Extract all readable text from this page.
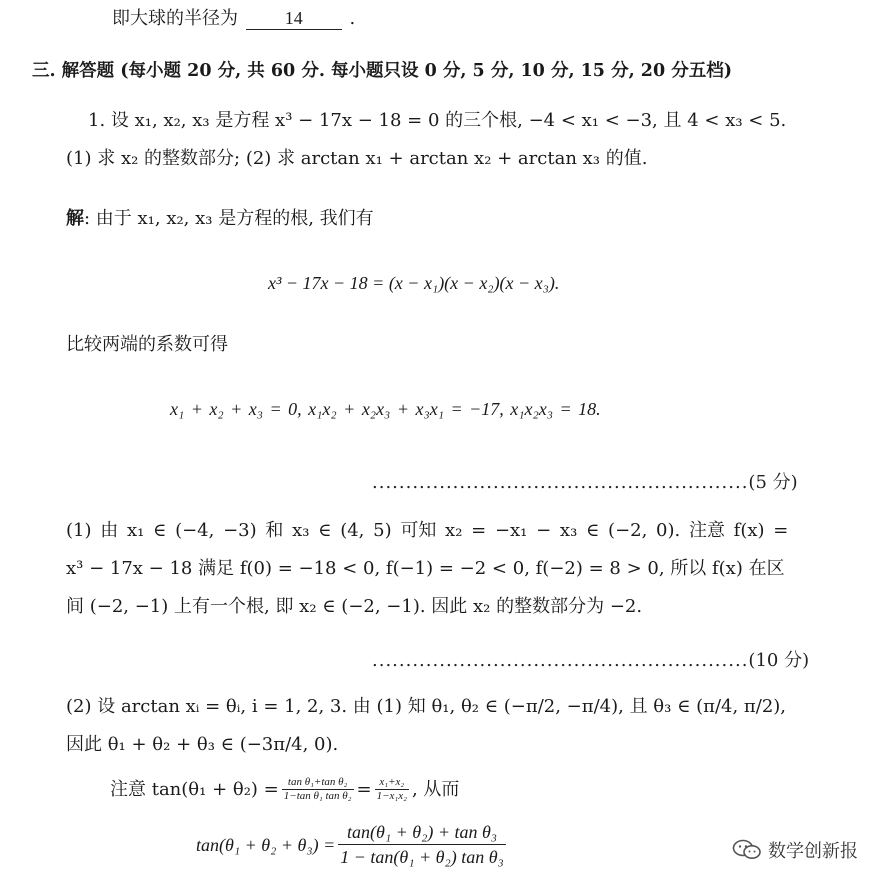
即大球的半径为	14	.
三. 解答题 (每小题 20 分, 共 60 分. 每小题只设 0 分, 5 分, 10 分, 15 分, 20 分五档)
1. 设 x₁, x₂, x₃ 是方程 x³ − 17x − 18 = 0 的三个根, −4 < x₁ < −3, 且 4 < x₃ < 5.
(1) 求 x₂ 的整数部分; (2) 求 arctan x₁ + arctan x₂ + arctan x₃ 的值.
解: 由于 x₁, x₂, x₃ 是方程的根, 我们有
x³ − 17x − 18 = (x − x₁)(x − x₂)(x − x₃).
比较两端的系数可得
x₁ + x₂ + x₃ = 0, x₁x₂ + x₂x₃ + x₃x₁ = −17, x₁x₂x₃ = 18.
........................................................(5 分)
(1) 由 x₁ ∈ (−4, −3) 和 x₃ ∈ (4, 5) 可知 x₂ = −x₁ − x₃ ∈ (−2, 0). 注意 f(x) =
x³ − 17x − 18 满足 f(0) = −18 < 0, f(−1) = −2 < 0, f(−2) = 8 > 0, 所以 f(x) 在区
间 (−2, −1) 上有一个根, 即 x₂ ∈ (−2, −1). 因此 x₂ 的整数部分为 −2.
........................................................(10 分)
(2) 设 arctan xᵢ = θᵢ, i = 1, 2, 3. 由 (1) 知 θ₁, θ₂ ∈ (−π/2, −π/4), 且 θ₃ ∈ (π/4, π/2),
因此 θ₁ + θ₂ + θ₃ ∈ (−3π/4, 0).
注意 $\tan(\theta_1 + \theta_2) = \frac{\text{tan θ₁+tan θ₂}}{\text{1−tan θ₁ tan θ₂}} = \frac{\text{x₁+x₂}}{\text{1−x₁x₂}}$ , 从而
$\tan(\theta_1 + \theta_2 + \theta_3) = \frac{\text{tan(θ₁ + θ₂) + tan θ₃}}{\text{1 − tan(θ₁ + θ₂) tan θ₃}}$	数学创新报
